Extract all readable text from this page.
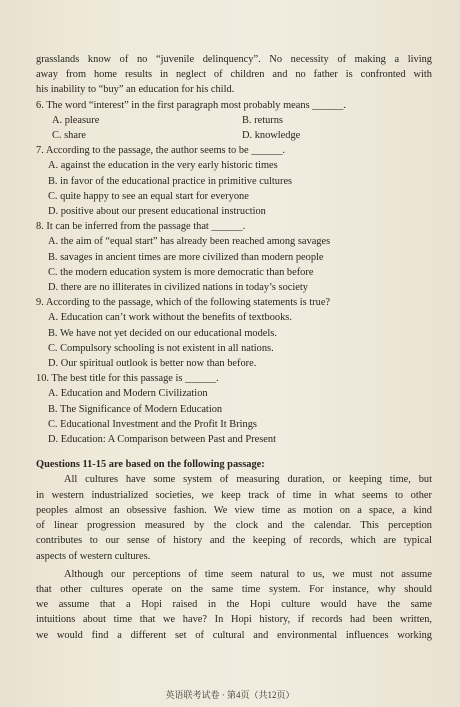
grasslands know of no “juvenile delinquency”. No necessity of making a living
away from home results in neglect of children and no father is confronted with
his inability to “buy” an education for his child.
6. The word “interest” in the first paragraph most probably means ______.
A. pleasure	B. returns
C. share	D. knowledge
7. According to the passage, the author seems to be ______.
A. against the education in the very early historic times
B. in favor of the educational practice in primitive cultures
C. quite happy to see an equal start for everyone
D. positive about our present educational instruction
8. It can be inferred from the passage that ______.
A. the aim of “equal start” has already been reached among savages
B. savages in ancient times are more civilized than modern people
C. the modern education system is more democratic than before
D. there are no illiterates in civilized nations in today’s society
9. According to the passage, which of the following statements is true?
A. Education can’t work without the benefits of textbooks.
B. We have not yet decided on our educational models.
C. Compulsory schooling is not existent in all nations.
D. Our spiritual outlook is better now than before.
10. The best title for this passage is ______.
A. Education and Modern Civilization
B. The Significance of Modern Education
C. Educational Investment and the Profit It Brings
D. Education: A Comparison between Past and Present
Questions 11-15 are based on the following passage:
All cultures have some system of measuring duration, or keeping time, but
in western industrialized societies, we keep track of time in what seems to other
peoples almost an obsessive fashion. We view time as motion on a space, a kind
of linear progression measured by the clock and the calendar. This perception
contributes to our sense of history and the keeping of records, which are typical
aspects of western cultures.
Although our perceptions of time seem natural to us, we must not assume
that other cultures operate on the same time system. For instance, why should
we assume that a Hopi raised in the Hopi culture would have the same
intuitions about time that we have? In Hopi history, if records had been written,
we would find a different set of cultural and environmental influences working
英语联考试卷 · 第4页（共12页）
